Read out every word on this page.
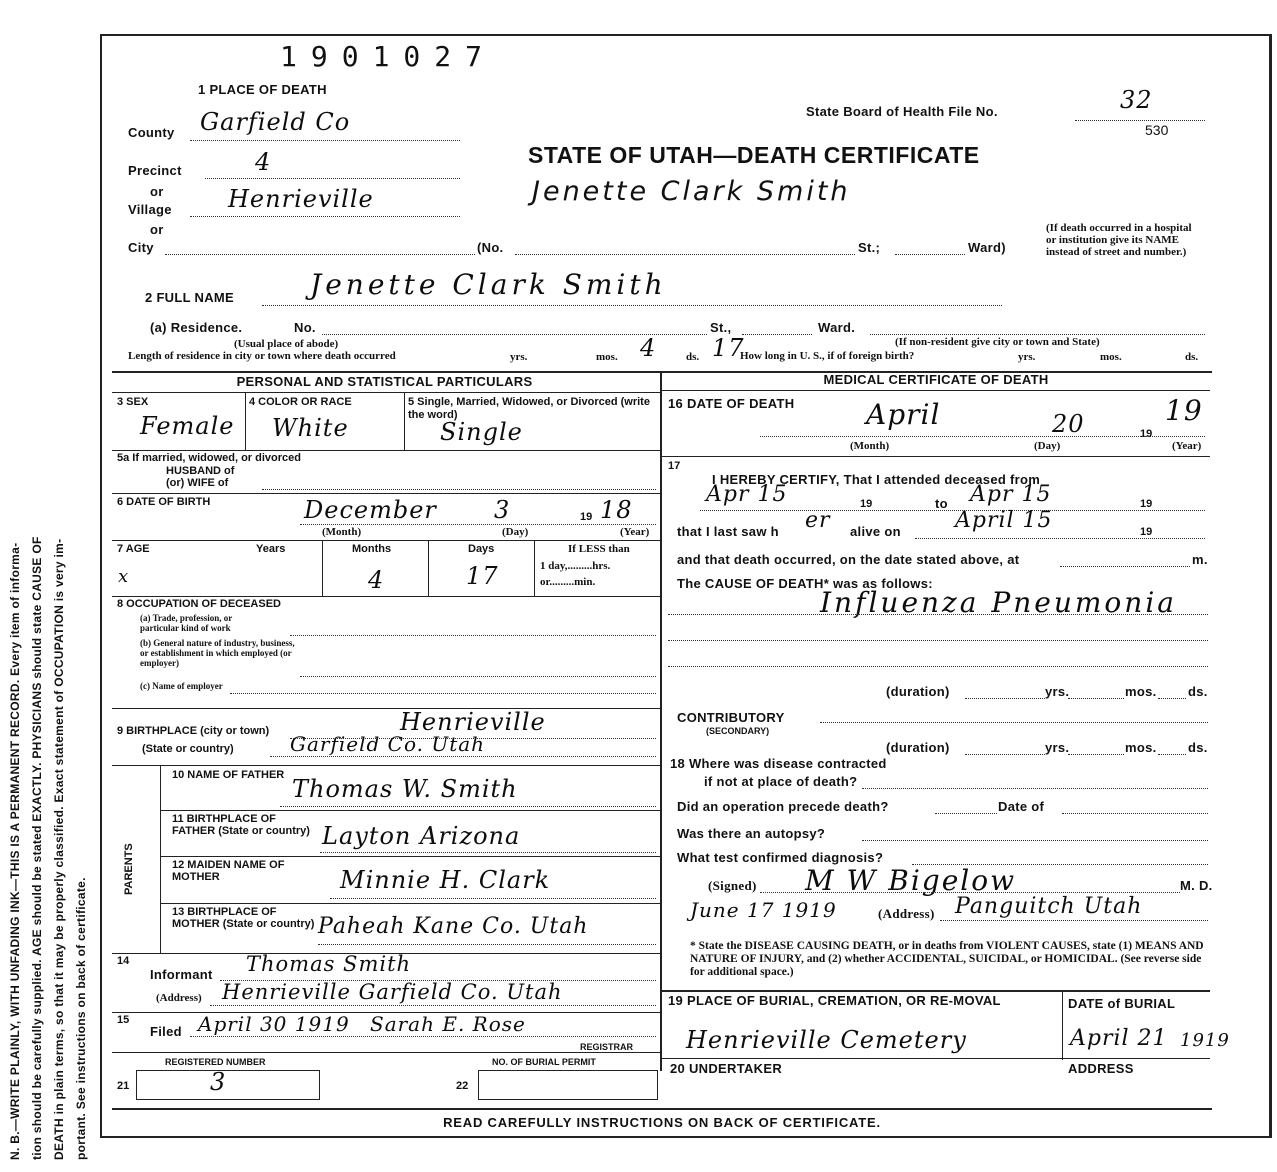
N. B.—WRITE PLAINLY, WITH UNFADING INK—THIS IS A PERMANENT RECORD. Every item of informa- tion should be carefully supplied. AGE should be stated EXACTLY. PHYSICIANS should state CAUSE OF DEATH in plain terms, so that it may be properly classified. Exact statement of OCCUPATION is very im- portant. See instructions on back of certificate.
1901027
1 PLACE OF DEATH
County Garfield Co
Precinct	4
or
Village Henrieville
or
City	(No.	St.;	Ward)
State Board of Health File No.	32
530
STATE OF UTAH—DEATH CERTIFICATE
Jenette Clark Smith
(If death occurred in a hospital or institution give its NAME instead of street and number.)
2 FULL NAME	Jenette Clark Smith
(a) Residence.	No.	St.,	Ward.
(Usual place of abode)	(If non-resident give city or town and State)
Length of residence in city or town where death occurred	yrs.	mos. 4	ds. 17
How long in U. S., if of foreign birth?	yrs.	mos.	ds.
PERSONAL AND STATISTICAL PARTICULARS	MEDICAL CERTIFICATE OF DEATH
3 SEX
Female
4 COLOR OR RACE
White
5 Single, Married, Widowed, or Divorced (write the word)
Single
5a If married, widowed, or divorced
HUSBAND of
(or) WIFE of
6 DATE OF BIRTH	December 3	19 18
(Month)	(Day)	(Year)
7 AGE	Years	Months	Days	If LESS than
1 day,.........hrs.
or.........min.
x	4	17
8 OCCUPATION OF DECEASED
(a) Trade, profession, or particular kind of work
(b) General nature of industry, business, or establishment in which employed (or employer)
(c) Name of employer
9 BIRTHPLACE (city or town)	Henrieville
(State or country)	Garfield Co. Utah
PARENTS
10 NAME OF FATHER Thomas W. Smith
11 BIRTHPLACE OF FATHER (State or country) Layton Arizona
12 MAIDEN NAME OF MOTHER	Minnie H. Clark
13 BIRTHPLACE OF MOTHER (State or country) Paheah Kane Co. Utah
14
Informant Thomas Smith
(Address) Henrieville Garfield Co. Utah
15
Filed April 30 1919 Sarah E. Rose
REGISTRAR
REGISTERED NUMBER
21	3
NO. OF BURIAL PERMIT
22
16 DATE OF DEATH	April	20	19
19
(Month)	(Day)	(Year)
17
I HEREBY CERTIFY, That I attended deceased from
Apr 15	19	to Apr 15	19
that I last saw h er alive on April 15	19
and that death occurred, on the date stated above, at	m.
The CAUSE OF DEATH* was as follows:
Influenza Pneumonia
(duration)	yrs.	mos. ds.
CONTRIBUTORY
(SECONDARY)
(duration)	yrs.	mos. ds.
18 Where was disease contracted
if not at place of death?
Did an operation precede death?	Date of
Was there an autopsy?
What test confirmed diagnosis?
(Signed) M W Bigelow	M. D.
June 17 1919	(Address) Panguitch Utah
* State the DISEASE CAUSING DEATH, or in deaths from VIOLENT CAUSES, state (1) MEANS AND NATURE OF INJURY, and (2) whether ACCIDENTAL, SUICIDAL, or HOMICIDAL. (See reverse side for additional space.)
19 PLACE OF BURIAL, CREMATION, OR RE-MOVAL
Henrieville Cemetery
DATE of BURIAL
April 21 1919
20 UNDERTAKER	ADDRESS
READ CAREFULLY INSTRUCTIONS ON BACK OF CERTIFICATE.
